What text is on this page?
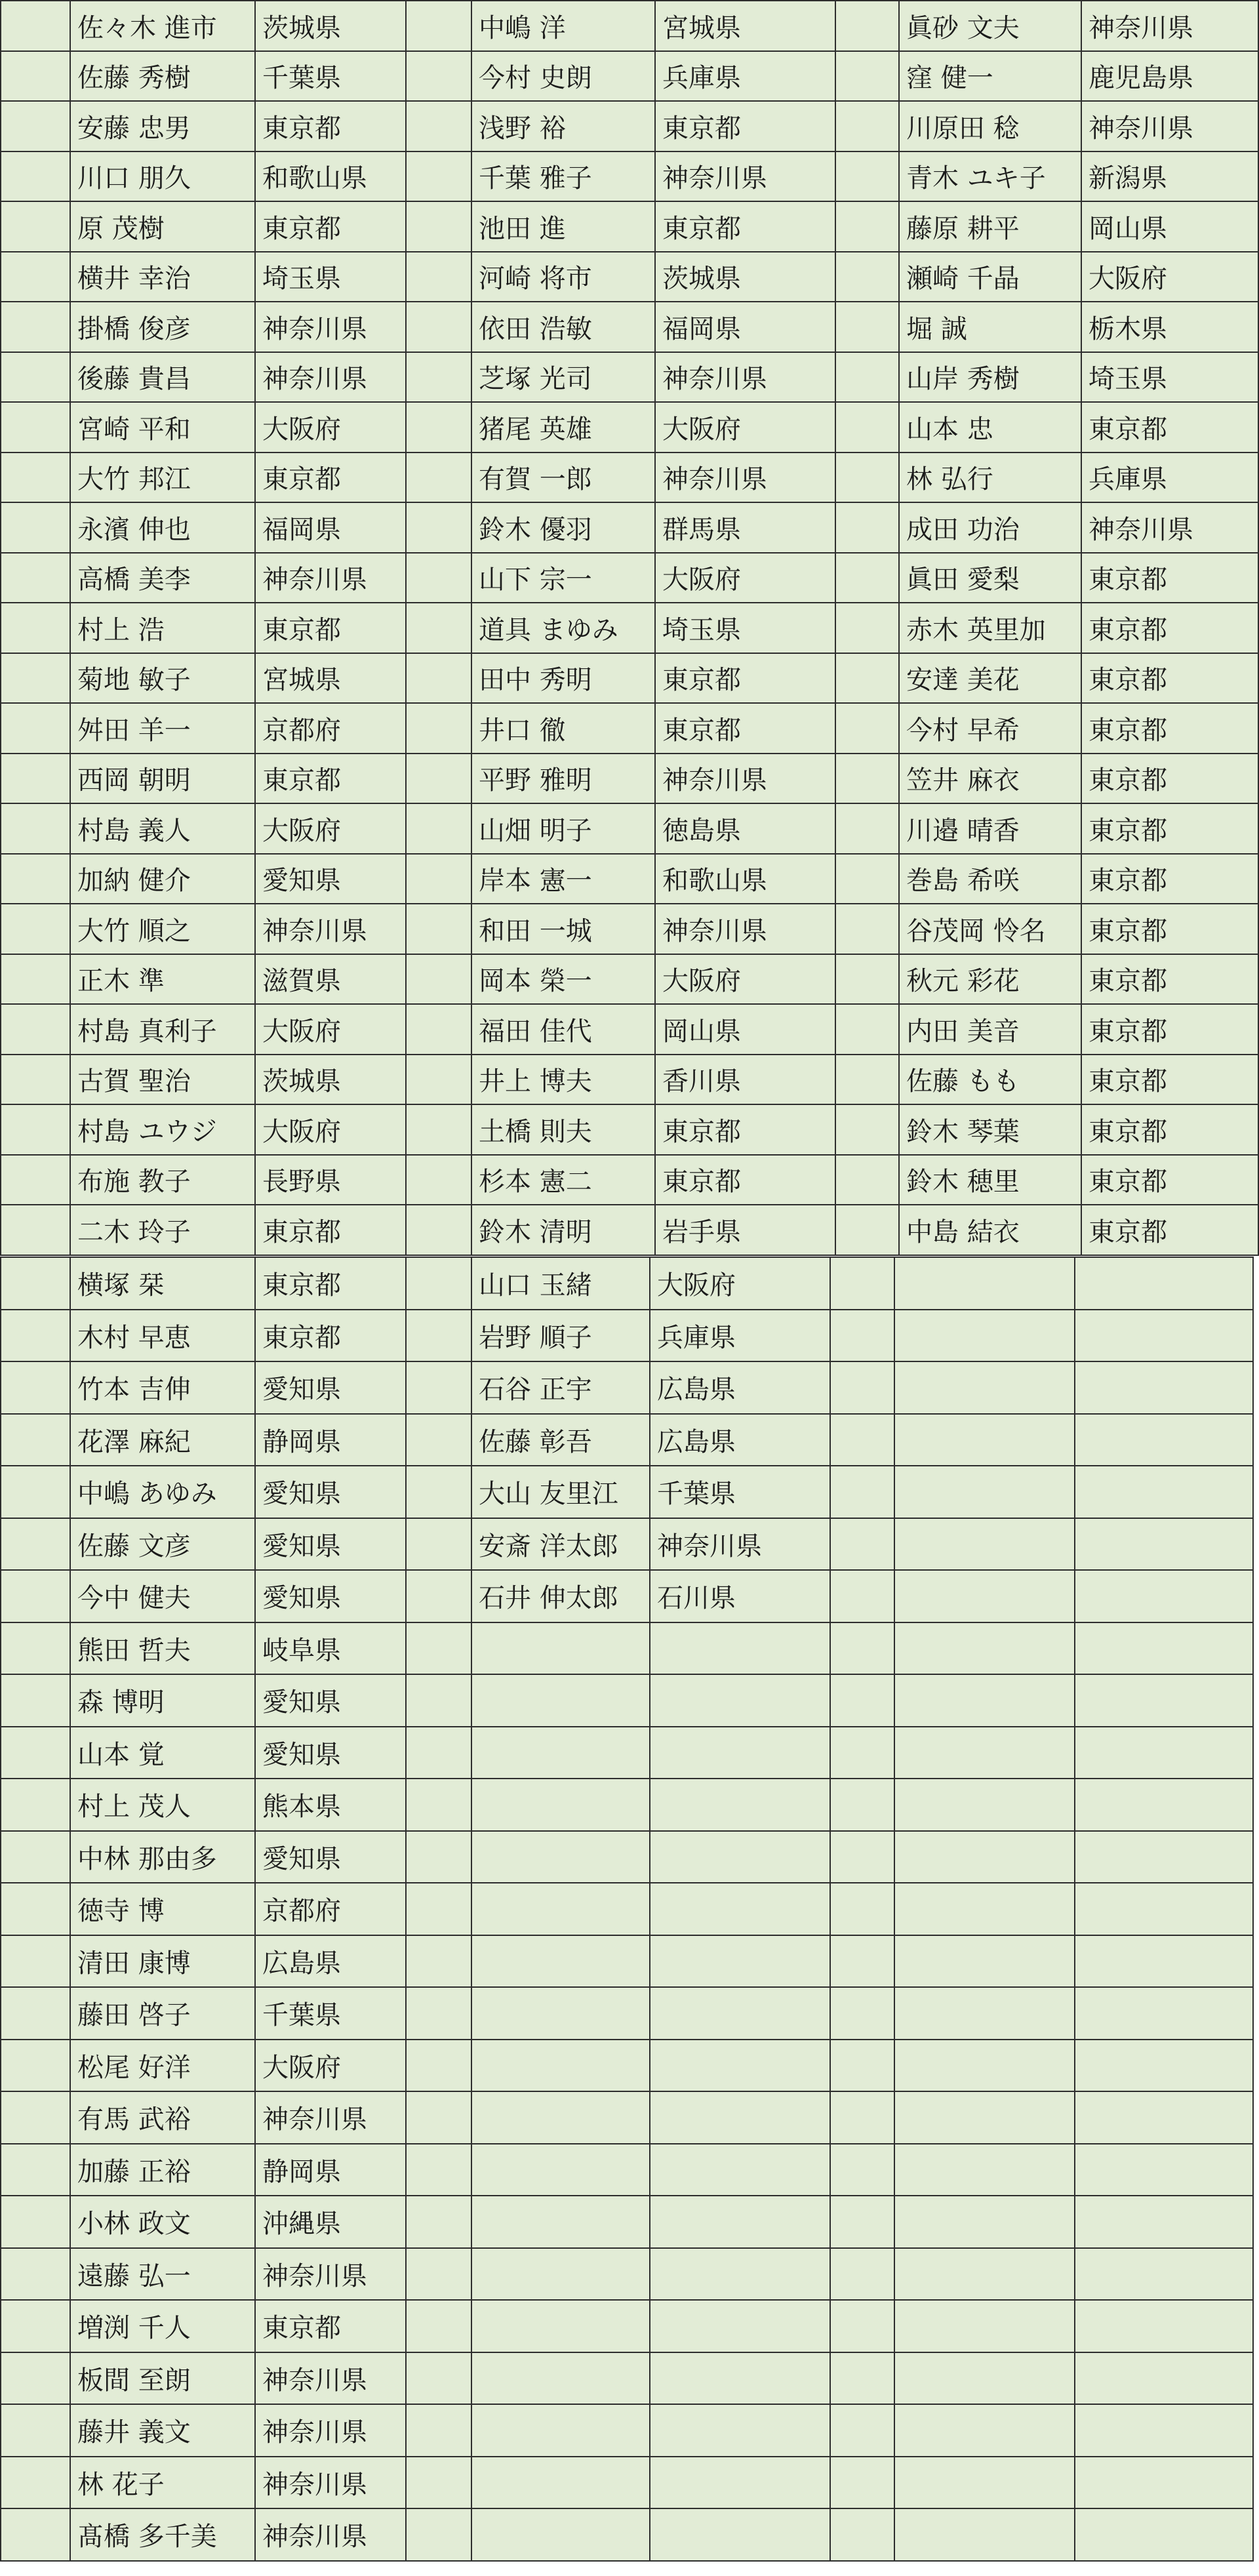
	佐々木 進市	茨城県		中嶋 洋	宮城県		眞砂 文夫	神奈川県
	佐藤 秀樹	千葉県		今村 史朗	兵庫県		窪 健一	鹿児島県
	安藤 忠男	東京都		浅野 裕	東京都		川原田 稔	神奈川県
	川口 朋久	和歌山県		千葉 雅子	神奈川県		青木 ユキ子	新潟県
	原 茂樹	東京都		池田 進	東京都		藤原 耕平	岡山県
	横井 幸治	埼玉県		河崎 将市	茨城県		瀬崎 千晶	大阪府
	掛橋 俊彦	神奈川県		依田 浩敏	福岡県		堀 誠	栃木県
	後藤 貴昌	神奈川県		芝塚 光司	神奈川県		山岸 秀樹	埼玉県
	宮崎 平和	大阪府		猪尾 英雄	大阪府		山本 忠	東京都
	大竹 邦江	東京都		有賀 一郎	神奈川県		林 弘行	兵庫県
	永濱 伸也	福岡県		鈴木 優羽	群馬県		成田 功治	神奈川県
	高橋 美李	神奈川県		山下 宗一	大阪府		眞田 愛梨	東京都
	村上 浩	東京都		道具 まゆみ	埼玉県		赤木 英里加	東京都
	菊地 敏子	宮城県		田中 秀明	東京都		安達 美花	東京都
	舛田 羊一	京都府		井口 徹	東京都		今村 早希	東京都
	西岡 朝明	東京都		平野 雅明	神奈川県		笠井 麻衣	東京都
	村島 義人	大阪府		山畑 明子	徳島県		川邉 晴香	東京都
	加納 健介	愛知県		岸本 憲一	和歌山県		巻島 希咲	東京都
	大竹 順之	神奈川県		和田 一城	神奈川県		谷茂岡 怜名	東京都
	正木 準	滋賀県		岡本 榮一	大阪府		秋元 彩花	東京都
	村島 真利子	大阪府		福田 佳代	岡山県		内田 美音	東京都
	古賀 聖治	茨城県		井上 博夫	香川県		佐藤 もも	東京都
	村島 ユウジ	大阪府		土橋 則夫	東京都		鈴木 琴葉	東京都
	布施 教子	長野県		杉本 憲二	東京都		鈴木 穂里	東京都
	二木 玲子	東京都		鈴木 清明	岩手県		中島 結衣	東京都
	横塚 栞	東京都		山口 玉緒	大阪府			
	木村 早恵	東京都		岩野 順子	兵庫県			
	竹本 吉伸	愛知県		石谷 正宇	広島県			
	花澤 麻紀	静岡県		佐藤 彰吾	広島県			
	中嶋 あゆみ	愛知県		大山 友里江	千葉県			
	佐藤 文彦	愛知県		安斎 洋太郎	神奈川県			
	今中 健夫	愛知県		石井 伸太郎	石川県			
	熊田 哲夫	岐阜県						
	森 博明	愛知県						
	山本 覚	愛知県						
	村上 茂人	熊本県						
	中林 那由多	愛知県						
	徳寺 博	京都府						
	清田 康博	広島県						
	藤田 啓子	千葉県						
	松尾 好洋	大阪府						
	有馬 武裕	神奈川県						
	加藤 正裕	静岡県						
	小林 政文	沖縄県						
	遠藤 弘一	神奈川県						
	増渕 千人	東京都						
	板間 至朗	神奈川県						
	藤井 義文	神奈川県						
	林 花子	神奈川県						
	髙橋 多千美	神奈川県						
